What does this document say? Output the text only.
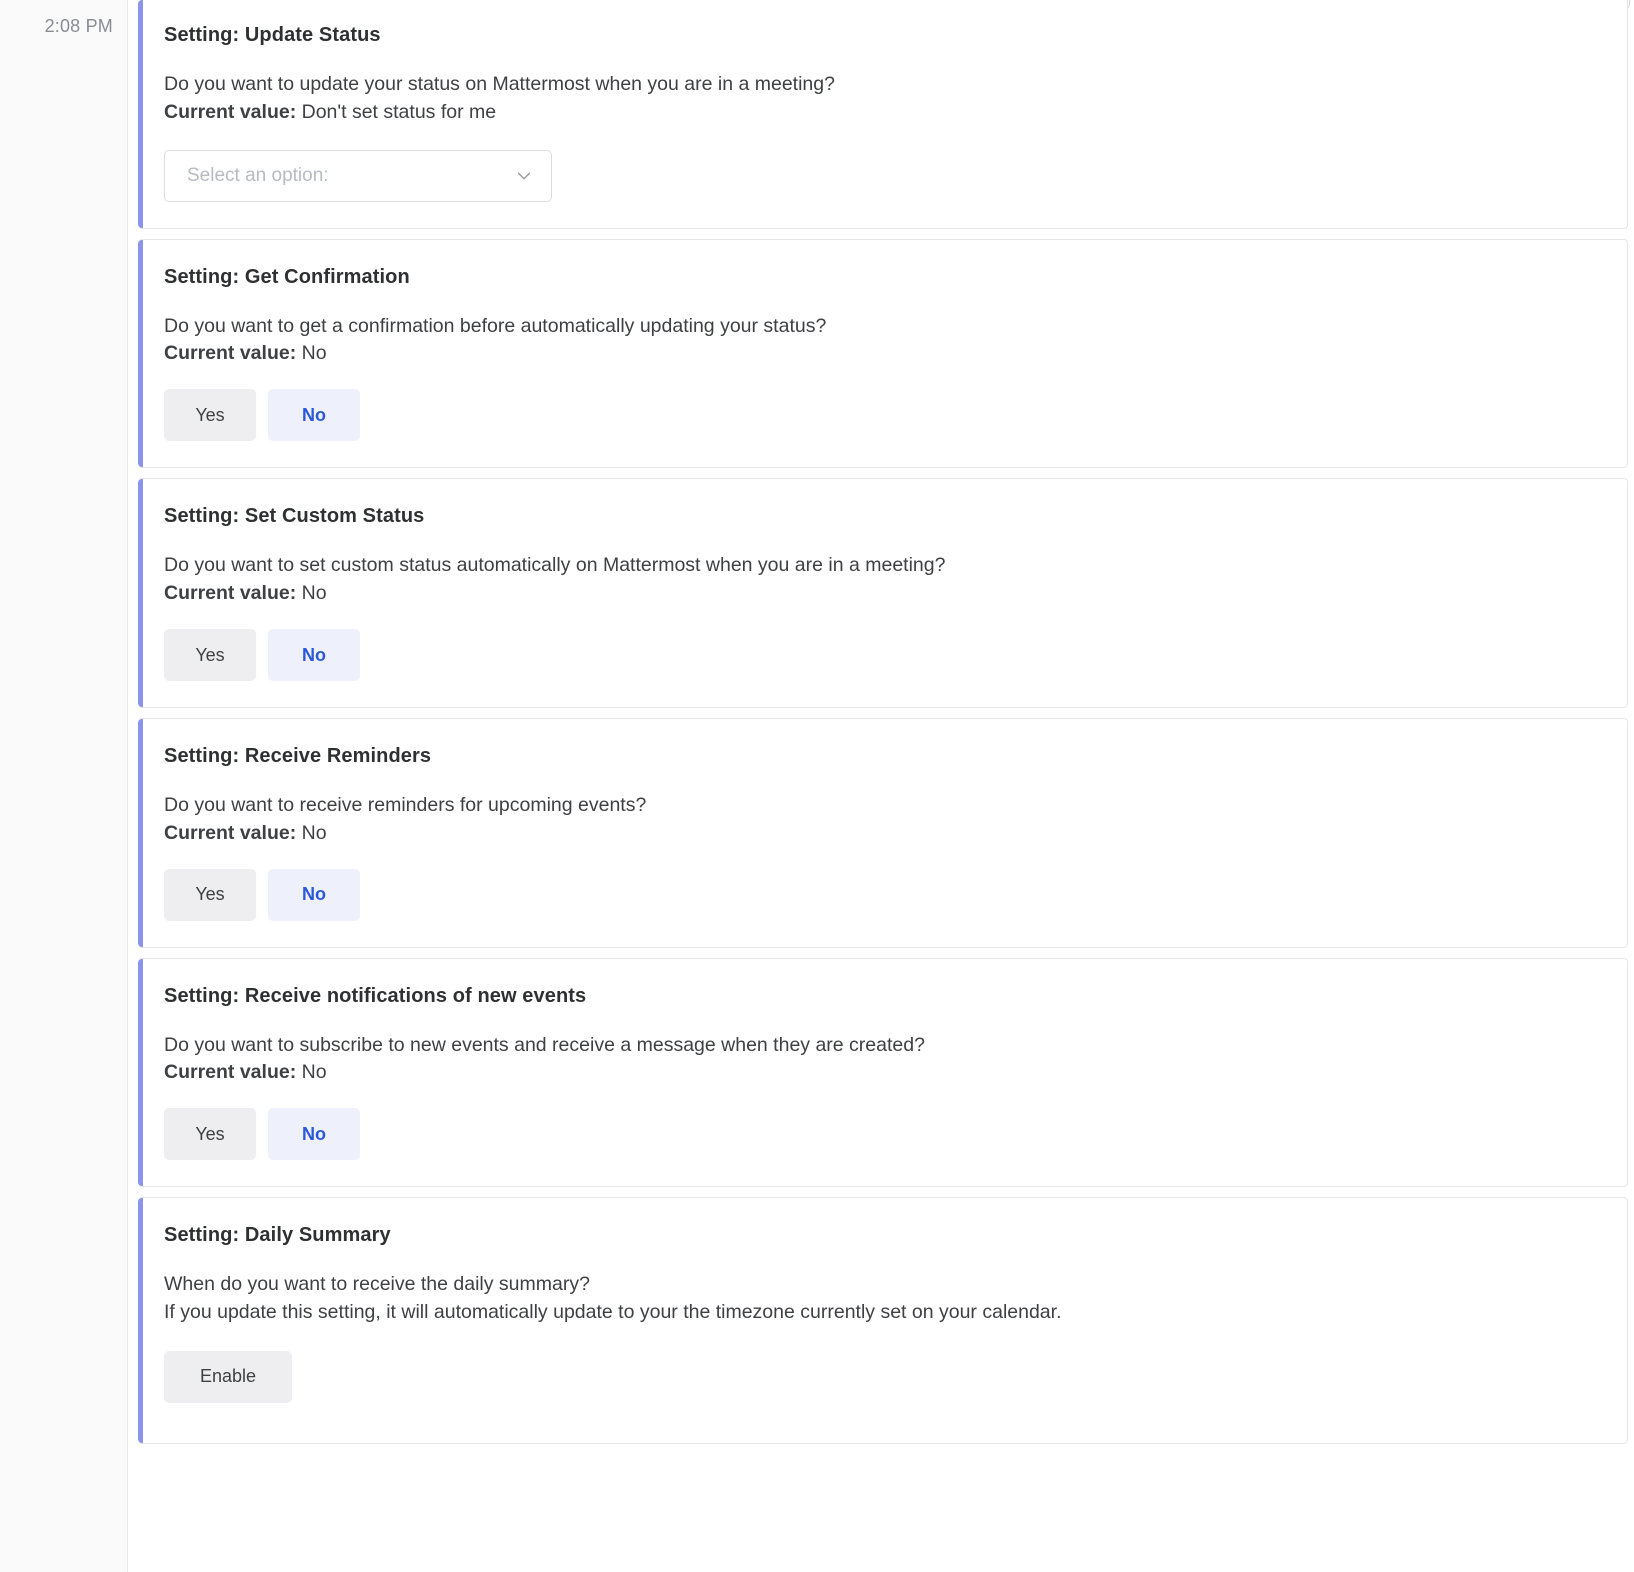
2:08 PM	Setting: Update Status
Do you want to update your status on Mattermost when you are in a meeting?
Current value: Don't set status for me
Select an option:
Setting: Get Confirmation
Do you want to get a confirmation before automatically updating your status?
Current value: No
Yes	No
Setting: Set Custom Status
Do you want to set custom status automatically on Mattermost when you are in a meeting?
Current value: No
Yes	No
Setting: Receive Reminders
Do you want to receive reminders for upcoming events?
Current value: No
Yes	No
Setting: Receive notifications of new events
Do you want to subscribe to new events and receive a message when they are created?
Current value: No
Yes	No
Setting: Daily Summary
When do you want to receive the daily summary?
If you update this setting, it will automatically update to your the timezone currently set on your calendar.
Enable
